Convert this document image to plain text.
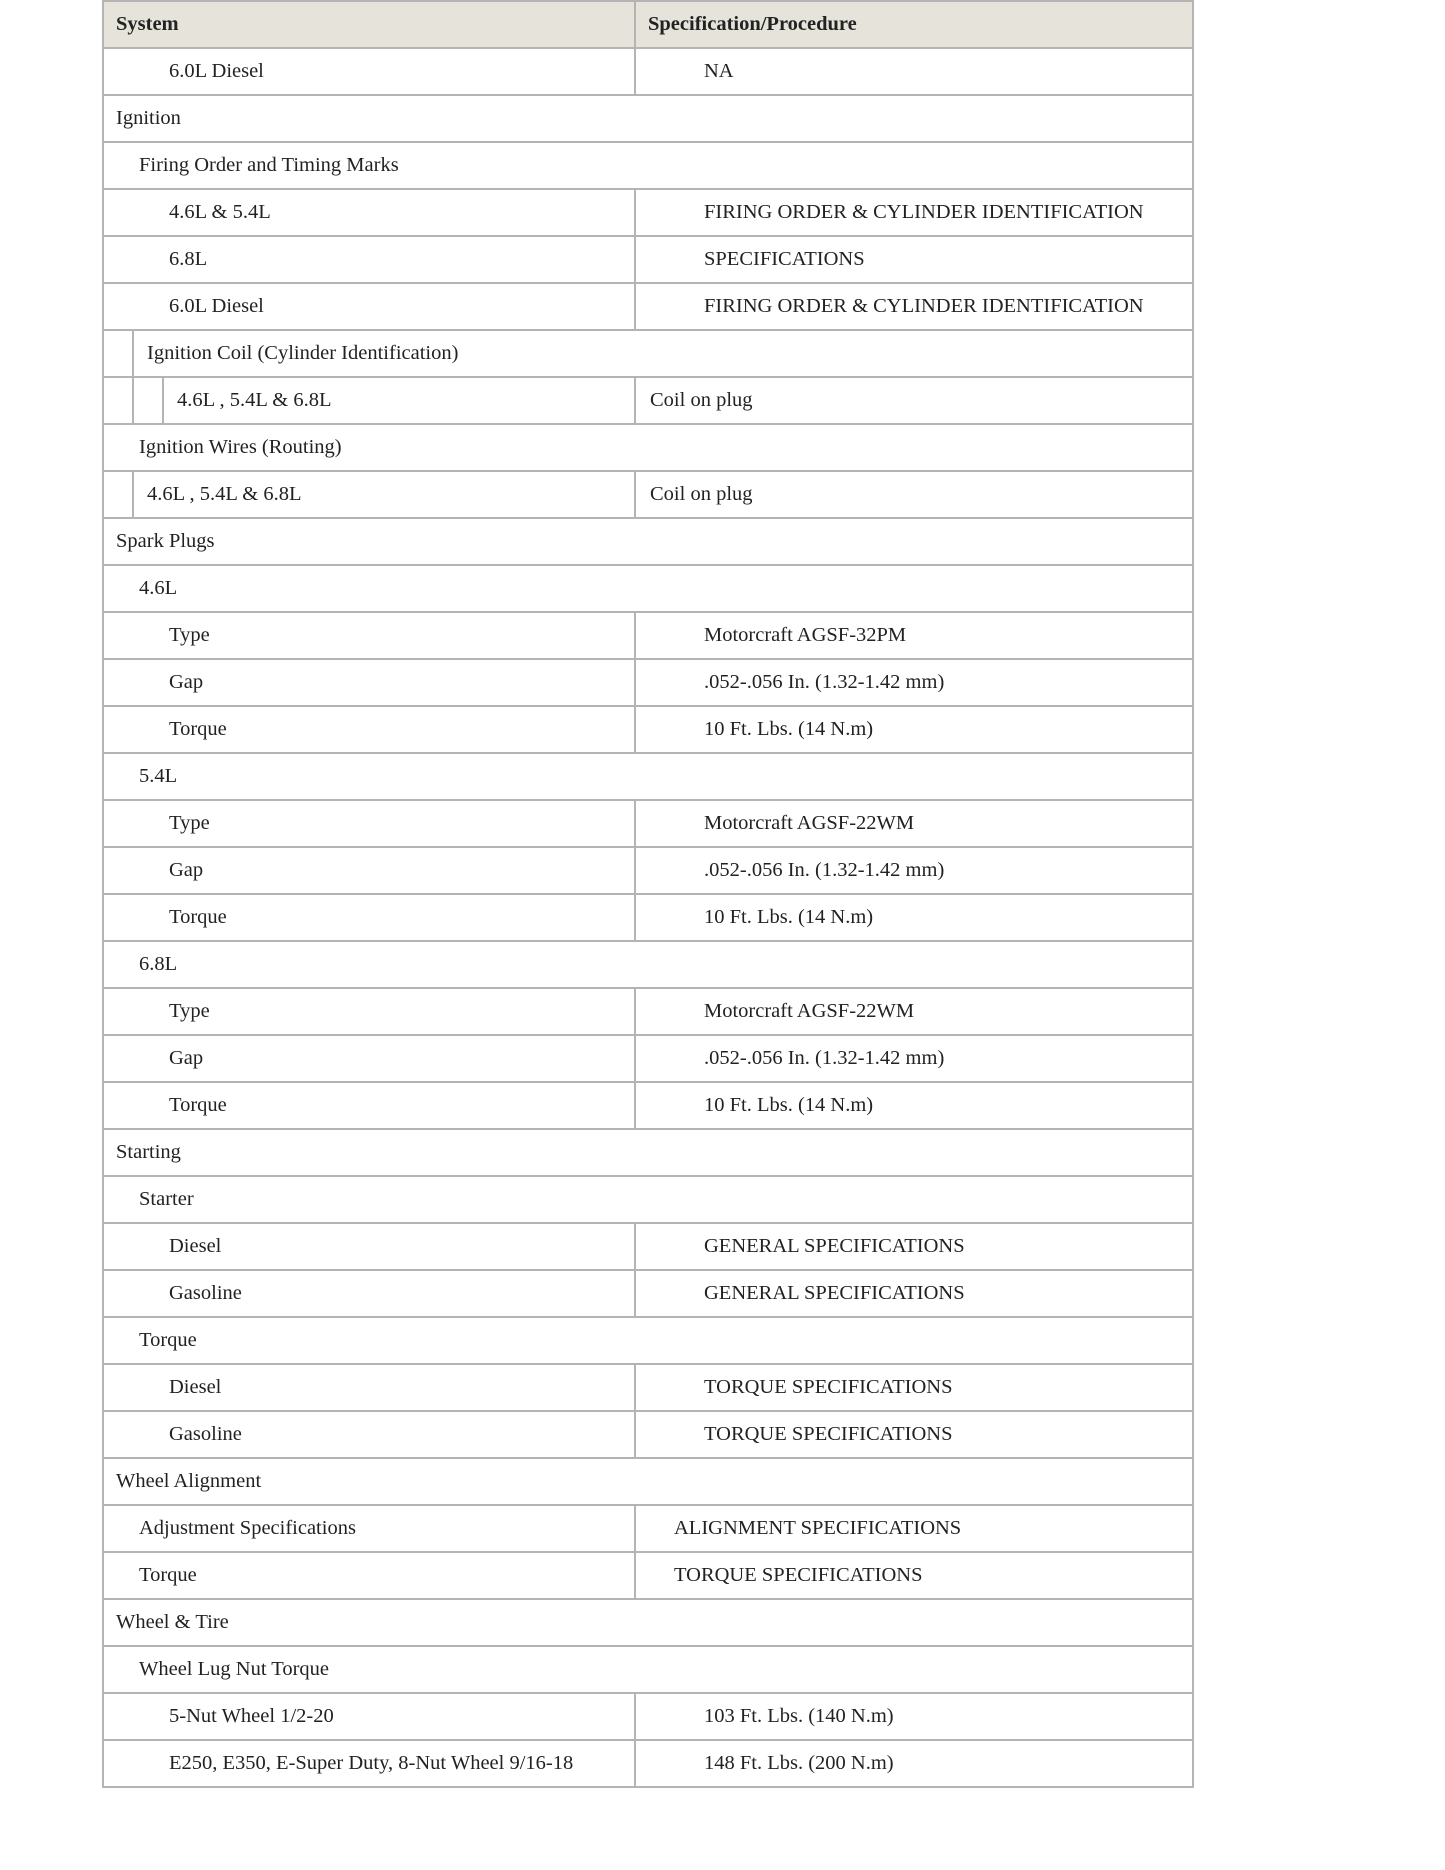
System	Specification/Procedure
6.0L Diesel	NA
Ignition	
Firing Order and Timing Marks	
4.6L & 5.4L	FIRING ORDER & CYLINDER IDENTIFICATION
6.8L	SPECIFICATIONS
6.0L Diesel	FIRING ORDER & CYLINDER IDENTIFICATION

Ignition Coil (Cylinder Identification)	

4.6L , 5.4L & 6.8L	Coil on plug
Ignition Wires (Routing)	

4.6L , 5.4L & 6.8L	Coil on plug
Spark Plugs	
4.6L	
Type	Motorcraft AGSF-32PM
Gap	.052-.056 In. (1.32-1.42 mm)
Torque	10 Ft. Lbs. (14 N.m)
5.4L	
Type	Motorcraft AGSF-22WM
Gap	.052-.056 In. (1.32-1.42 mm)
Torque	10 Ft. Lbs. (14 N.m)
6.8L	
Type	Motorcraft AGSF-22WM
Gap	.052-.056 In. (1.32-1.42 mm)
Torque	10 Ft. Lbs. (14 N.m)
Starting	
Starter	
Diesel	GENERAL SPECIFICATIONS
Gasoline	GENERAL SPECIFICATIONS
Torque	
Diesel	TORQUE SPECIFICATIONS
Gasoline	TORQUE SPECIFICATIONS
Wheel Alignment	
Adjustment Specifications	ALIGNMENT SPECIFICATIONS
Torque	TORQUE SPECIFICATIONS
Wheel & Tire	
Wheel Lug Nut Torque	
5-Nut Wheel 1/2-20	103 Ft. Lbs. (140 N.m)
E250, E350, E-Super Duty, 8-Nut Wheel 9/16-18	148 Ft. Lbs. (200 N.m)
